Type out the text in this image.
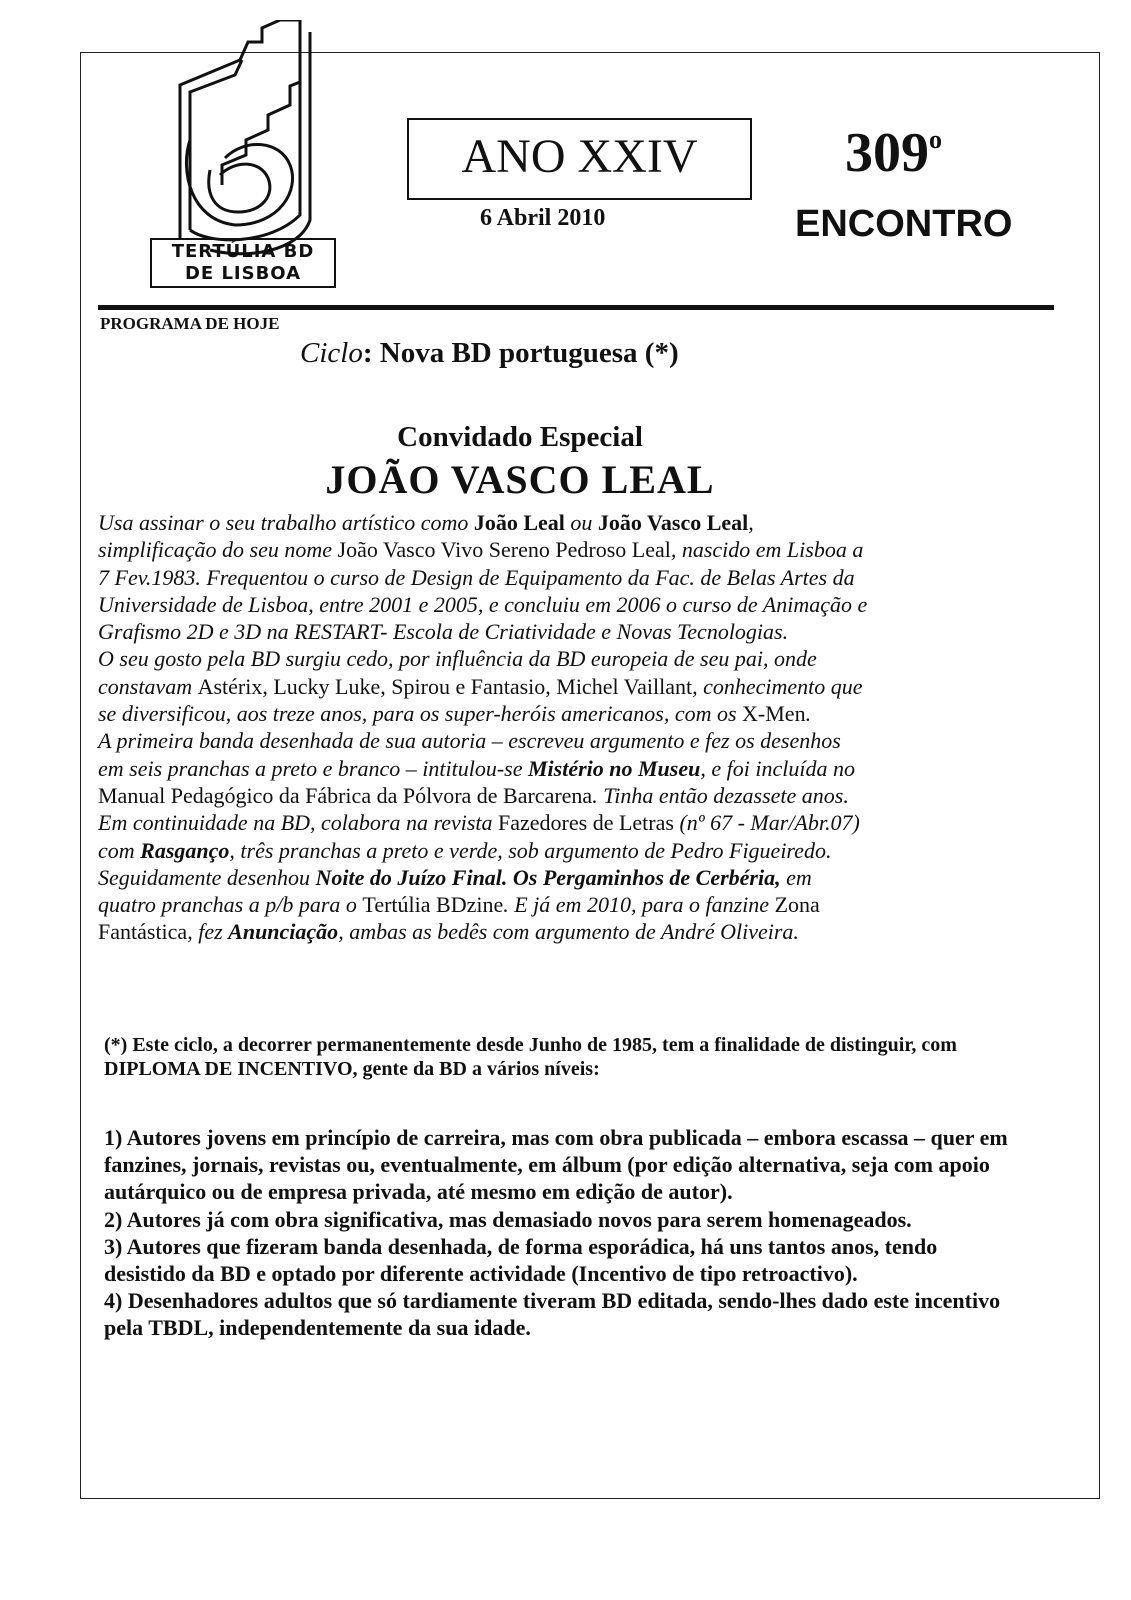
TERTÚLIA BD
DE LISBOA
ANO XXIV
6 Abril 2010
309$^o$
ENCONTRO
PROGRAMA DE HOJE
Ciclo: Nova BD portuguesa (*)
Convidado Especial
JOÃO VASCO LEAL
Usa assinar o seu trabalho artístico como João Leal ou João Vasco Leal,
simplificação do seu nome João Vasco Vivo Sereno Pedroso Leal, nascido em Lisboa a
7 Fev.1983. Frequentou o curso de Design de Equipamento da Fac. de Belas Artes da
Universidade de Lisboa, entre 2001 e 2005, e concluiu em 2006 o curso de Animação e
Grafismo 2D e 3D na RESTART- Escola de Criatividade e Novas Tecnologias.
O seu gosto pela BD surgiu cedo, por influência da BD europeia de seu pai, onde
constavam Astérix, Lucky Luke, Spirou e Fantasio, Michel Vaillant, conhecimento que
se diversificou, aos treze anos, para os super-heróis americanos, com os X-Men.
A primeira banda desenhada de sua autoria – escreveu argumento e fez os desenhos
em seis pranchas a preto e branco – intitulou-se Mistério no Museu, e foi incluída no
Manual Pedagógico da Fábrica da Pólvora de Barcarena. Tinha então dezassete anos.
Em continuidade na BD, colabora na revista Fazedores de Letras (nº 67 - Mar/Abr.07)
com Rasganço, três pranchas a preto e verde, sob argumento de Pedro Figueiredo.
Seguidamente desenhou Noite do Juízo Final. Os Pergaminhos de Cerbéria, em
quatro pranchas a p/b para o Tertúlia BDzine. E já em 2010, para o fanzine Zona
Fantástica, fez Anunciação, ambas as bedês com argumento de André Oliveira.
(*) Este ciclo, a decorrer permanentemente desde Junho de 1985, tem a finalidade de distinguir, com DIPLOMA DE INCENTIVO, gente da BD a vários níveis:

1) Autores jovens em princípio de carreira, mas com obra publicada – embora escassa – quer em fanzines, jornais, revistas ou, eventualmente, em álbum (por edição alternativa, seja com apoio autárquico ou de empresa privada, até mesmo em edição de autor).

2) Autores já com obra significativa, mas demasiado novos para serem homenageados.

3) Autores que fizeram banda desenhada, de forma esporádica, há uns tantos anos, tendo desistido da BD e optado por diferente actividade (Incentivo de tipo retroactivo).

4) Desenhadores adultos que só tardiamente tiveram BD editada, sendo-lhes dado este incentivo pela TBDL, independentemente da sua idade.
